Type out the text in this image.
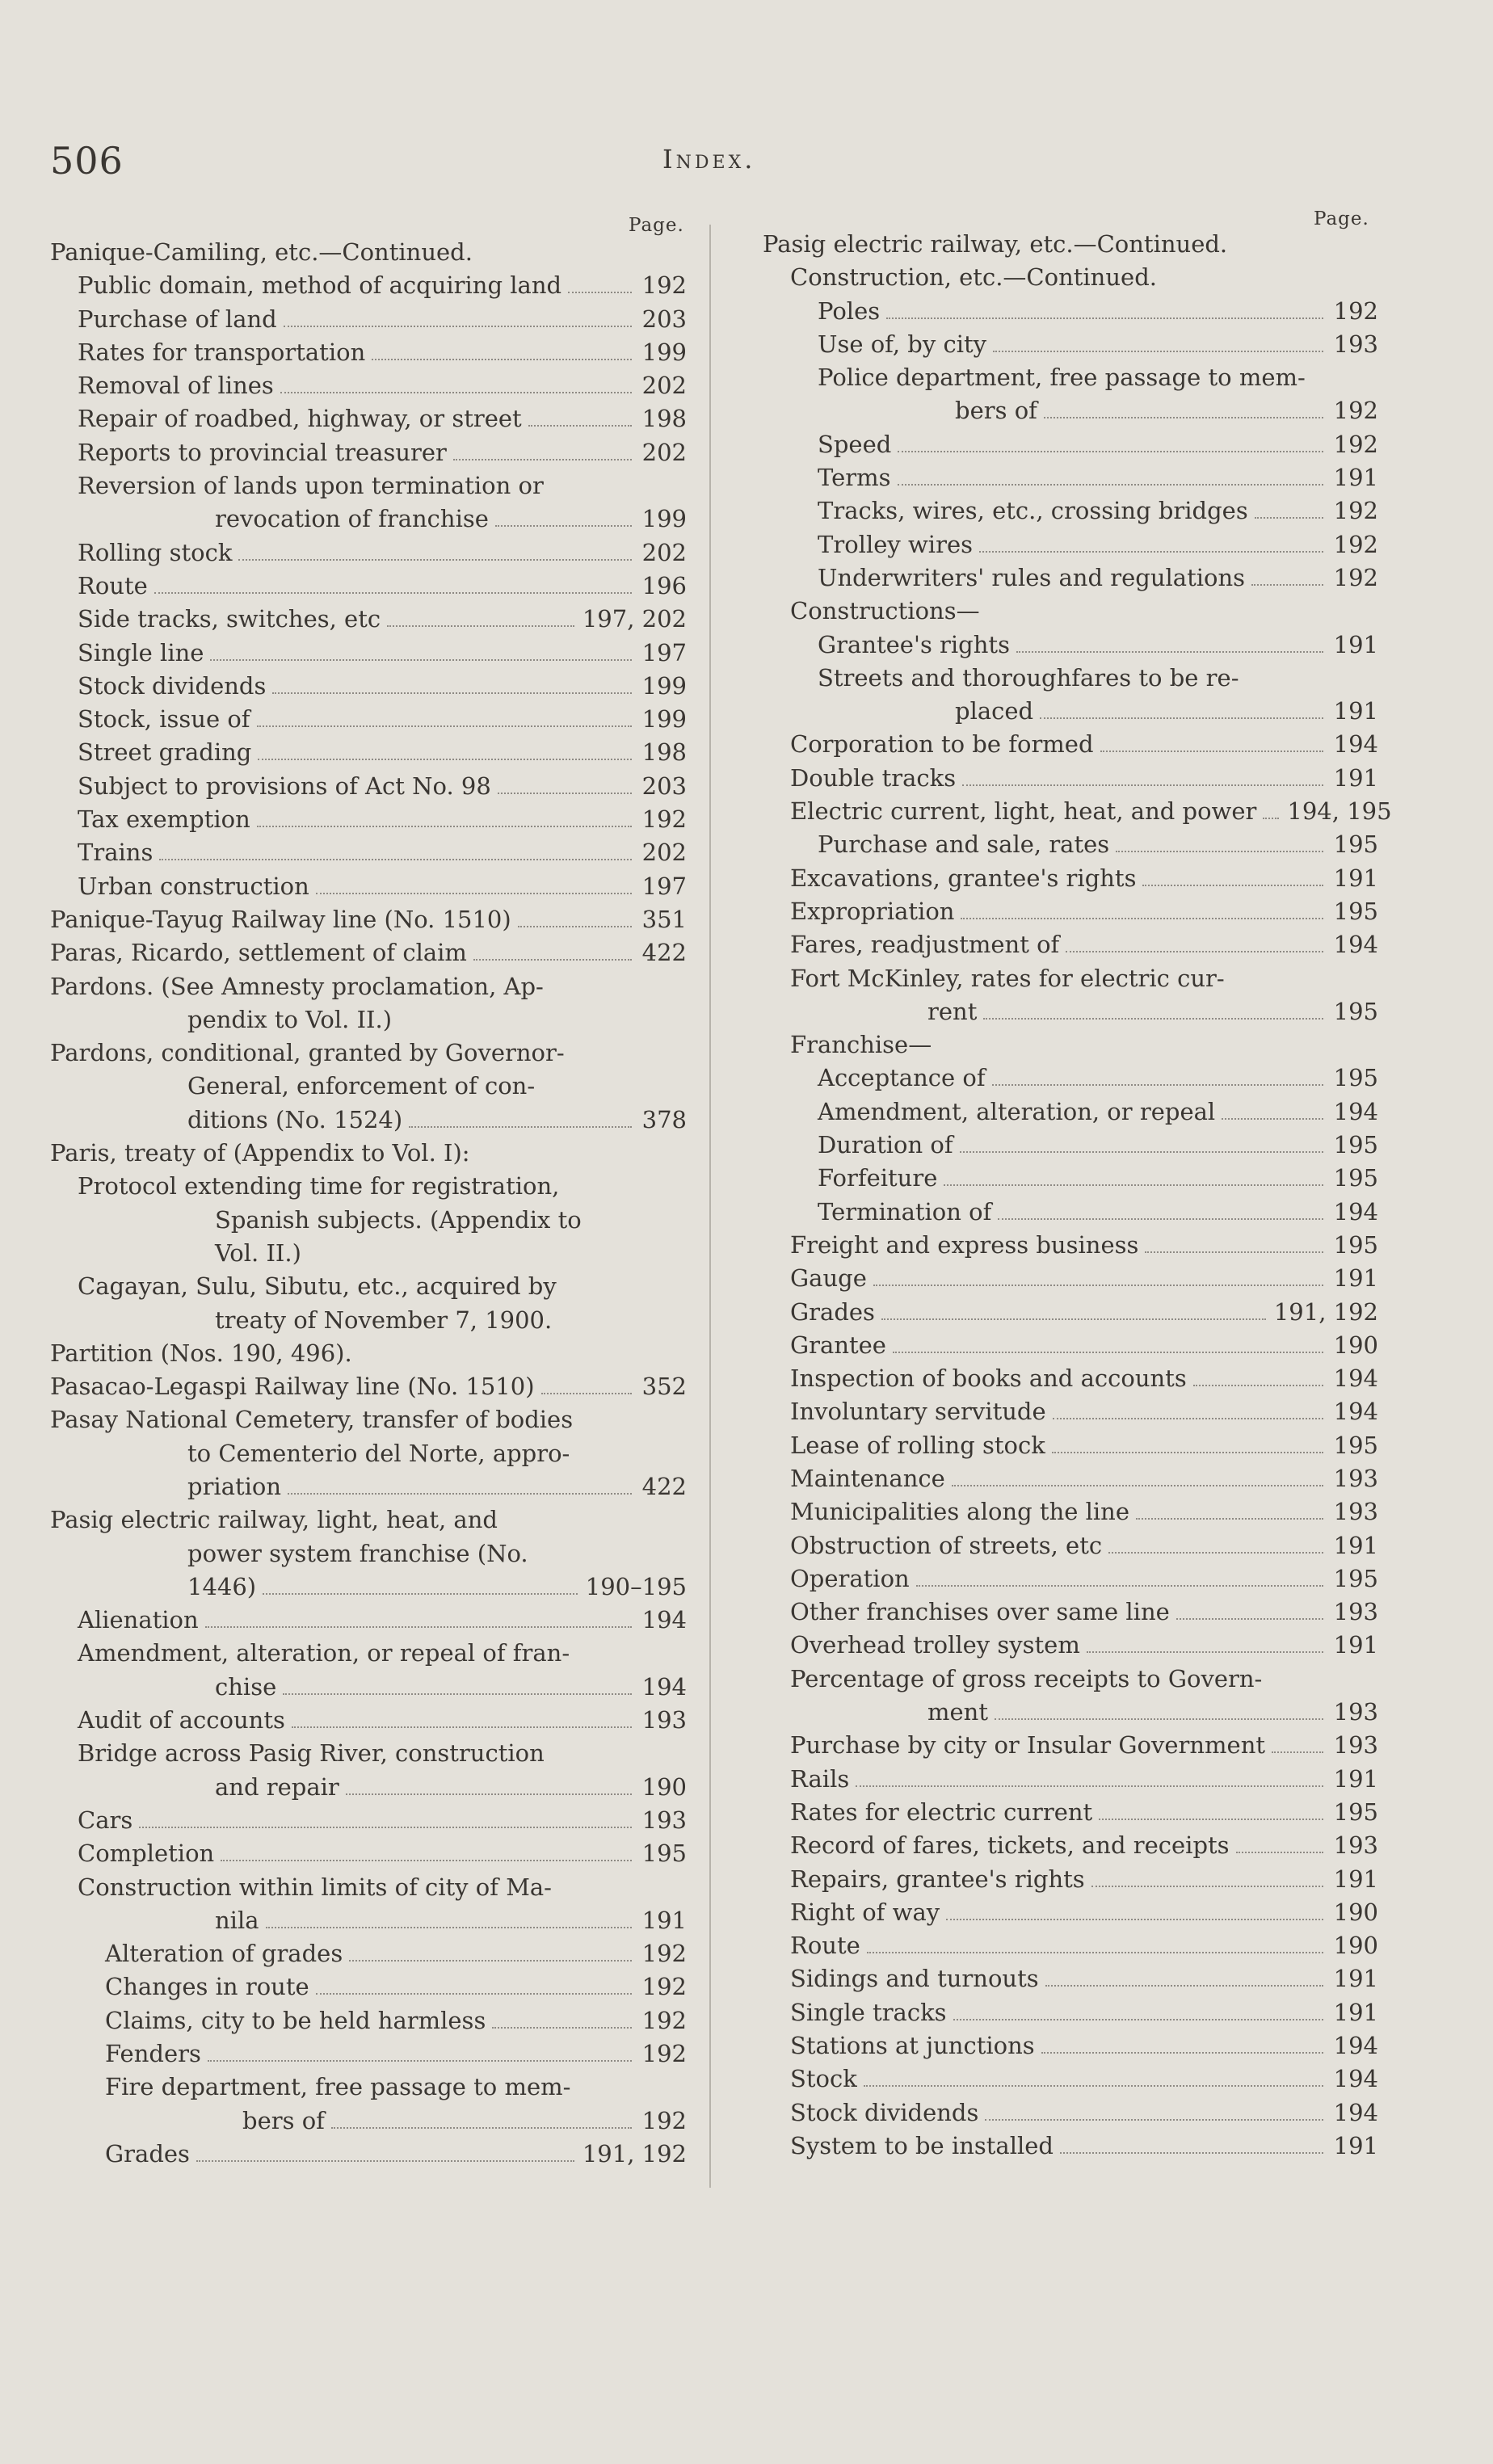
506	Index.
Page.	Page.
Panique-Camiling, etc.—Continued.
Public domain, method of acquiring land	192
Purchase of land	203
Rates for transportation	199
Removal of lines	202
Repair of roadbed, highway, or street	198
Reports to provincial treasurer	202
Reversion of lands upon termination or
revocation of franchise	199
Rolling stock	202
Route	196
Side tracks, switches, etc	197, 202
Single line	197
Stock dividends	199
Stock, issue of	199
Street grading	198
Subject to provisions of Act No. 98	203
Tax exemption	192
Trains	202
Urban construction	197
Panique-Tayug Railway line (No. 1510)	351
Paras, Ricardo, settlement of claim	422
Pardons. (See Amnesty proclamation, Ap-
pendix to Vol. II.)
Pardons, conditional, granted by Governor-
General, enforcement of con-
ditions (No. 1524)	378
Paris, treaty of (Appendix to Vol. I):
Protocol extending time for registration,
Spanish subjects. (Appendix to
Vol. II.)
Cagayan, Sulu, Sibutu, etc., acquired by
treaty of November 7, 1900.
Partition (Nos. 190, 496).
Pasacao-Legaspi Railway line (No. 1510)	352
Pasay National Cemetery, transfer of bodies
to Cementerio del Norte, appro-
priation	422
Pasig electric railway, light, heat, and
power system franchise (No.
1446)	190–195
Alienation	194
Amendment, alteration, or repeal of fran-
chise	194
Audit of accounts	193
Bridge across Pasig River, construction
and repair	190
Cars	193
Completion	195
Construction within limits of city of Ma-
nila	191
Alteration of grades	192
Changes in route	192
Claims, city to be held harmless	192
Fenders	192
Fire department, free passage to mem-
bers of	192
Grades	191, 192
Pasig electric railway, etc.—Continued.
Construction, etc.—Continued.
Poles	192
Use of, by city	193
Police department, free passage to mem-
bers of	192
Speed	192
Terms	191
Tracks, wires, etc., crossing bridges	192
Trolley wires	192
Underwriters' rules and regulations	192
Constructions—
Grantee's rights	191
Streets and thoroughfares to be re-
placed	191
Corporation to be formed	194
Double tracks	191
Electric current, light, heat, and power 194, 195
Purchase and sale, rates	195
Excavations, grantee's rights	191
Expropriation	195
Fares, readjustment of	194
Fort McKinley, rates for electric cur-
rent	195
Franchise—
Acceptance of	195
Amendment, alteration, or repeal	194
Duration of	195
Forfeiture	195
Termination of	194
Freight and express business	195
Gauge	191
Grades	191, 192
Grantee	190
Inspection of books and accounts	194
Involuntary servitude	194
Lease of rolling stock	195
Maintenance	193
Municipalities along the line	193
Obstruction of streets, etc	191
Operation	195
Other franchises over same line	193
Overhead trolley system	191
Percentage of gross receipts to Govern-
ment	193
Purchase by city or Insular Government	193
Rails	191
Rates for electric current	195
Record of fares, tickets, and receipts	193
Repairs, grantee's rights	191
Right of way	190
Route	190
Sidings and turnouts	191
Single tracks	191
Stations at junctions	194
Stock	194
Stock dividends	194
System to be installed	191
